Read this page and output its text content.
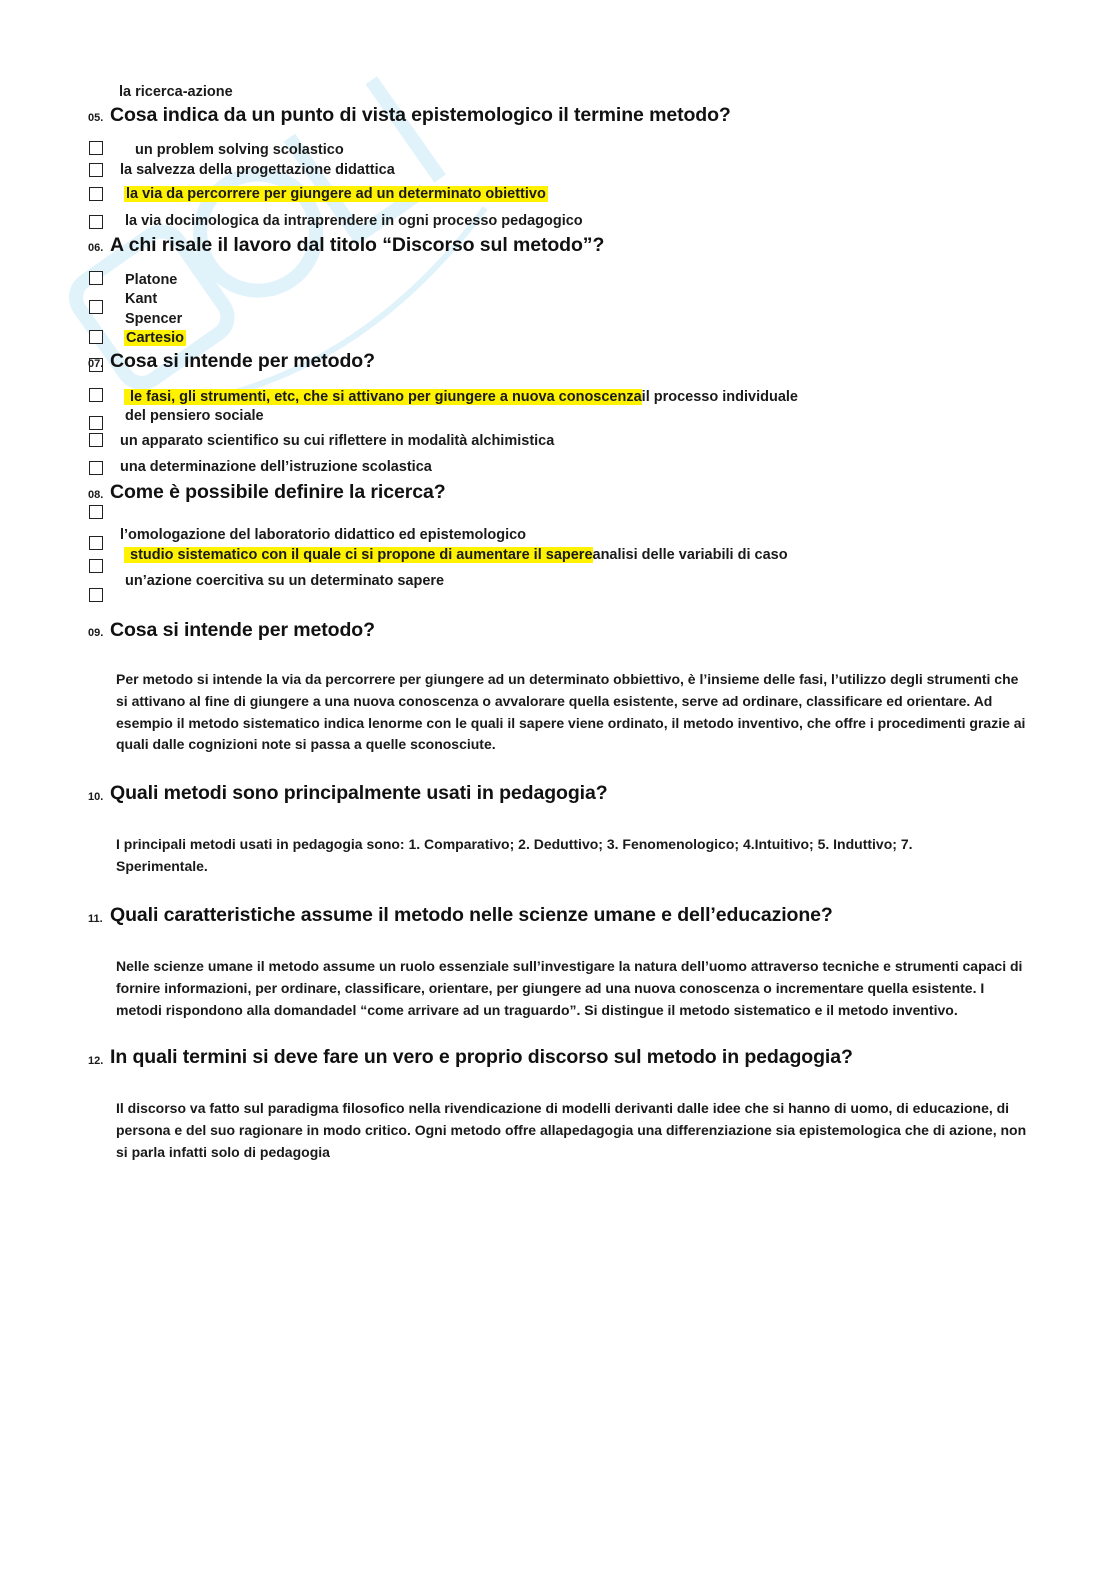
la ricerca-azione
05. Cosa indica da un punto di vista epistemologico il termine metodo?
un problem solving scolastico
la salvezza della progettazione didattica
la via da percorrere per giungere ad un determinato obiettivo
la via docimologica da intraprendere in ogni processo pedagogico
06. A chi risale il lavoro dal titolo “Discorso sul metodo”?
Platone
Kant
Spencer
Cartesio
07. Cosa si intende per metodo?
le fasi, gli strumenti, etc, che si attivano per giungere a nuova conoscenzail processo individuale
del pensiero sociale
un apparato scientifico su cui riflettere in modalità alchimistica
una determinazione dell’istruzione scolastica
08. Come è possibile definire la ricerca?
l’omologazione del laboratorio didattico ed epistemologico
studio sistematico con il quale ci si propone di aumentare il sapereanalisi delle variabili di caso
un’azione coercitiva su un determinato sapere
09. Cosa si intende per metodo?
Per metodo si intende la via da percorrere per giungere ad un determinato obbiettivo, è l’insieme delle fasi, l’utilizzo degli strumenti che
si attivano al fine di giungere a una nuova conoscenza o avvalorare quella esistente, serve ad ordinare, classificare ed orientare. Ad
esempio il metodo sistematico indica lenorme con le quali il sapere viene ordinato, il metodo inventivo, che offre i procedimenti grazie ai
quali dalle cognizioni note si passa a quelle sconosciute.
10. Quali metodi sono principalmente usati in pedagogia?
I principali metodi usati in pedagogia sono: 1. Comparativo; 2. Deduttivo; 3. Fenomenologico; 4.Intuitivo; 5. Induttivo; 7.
Sperimentale.
11. Quali caratteristiche assume il metodo nelle scienze umane e dell’educazione?
Nelle scienze umane il metodo assume un ruolo essenziale sull’investigare la natura dell’uomo attraverso tecniche e strumenti capaci di
fornire informazioni, per ordinare, classificare, orientare, per giungere ad una nuova conoscenza o incrementare quella esistente. I
metodi rispondono alla domandadel “come arrivare ad un traguardo”. Si distingue il metodo sistematico e il metodo inventivo.
12. In quali termini si deve fare un vero e proprio discorso sul metodo in pedagogia?
Il discorso va fatto sul paradigma filosofico nella rivendicazione di modelli derivanti dalle idee che si hanno di uomo, di educazione, di
persona e del suo ragionare in modo critico. Ogni metodo offre allapedagogia una differenziazione sia epistemologica che di azione, non
si parla infatti solo di pedagogia
